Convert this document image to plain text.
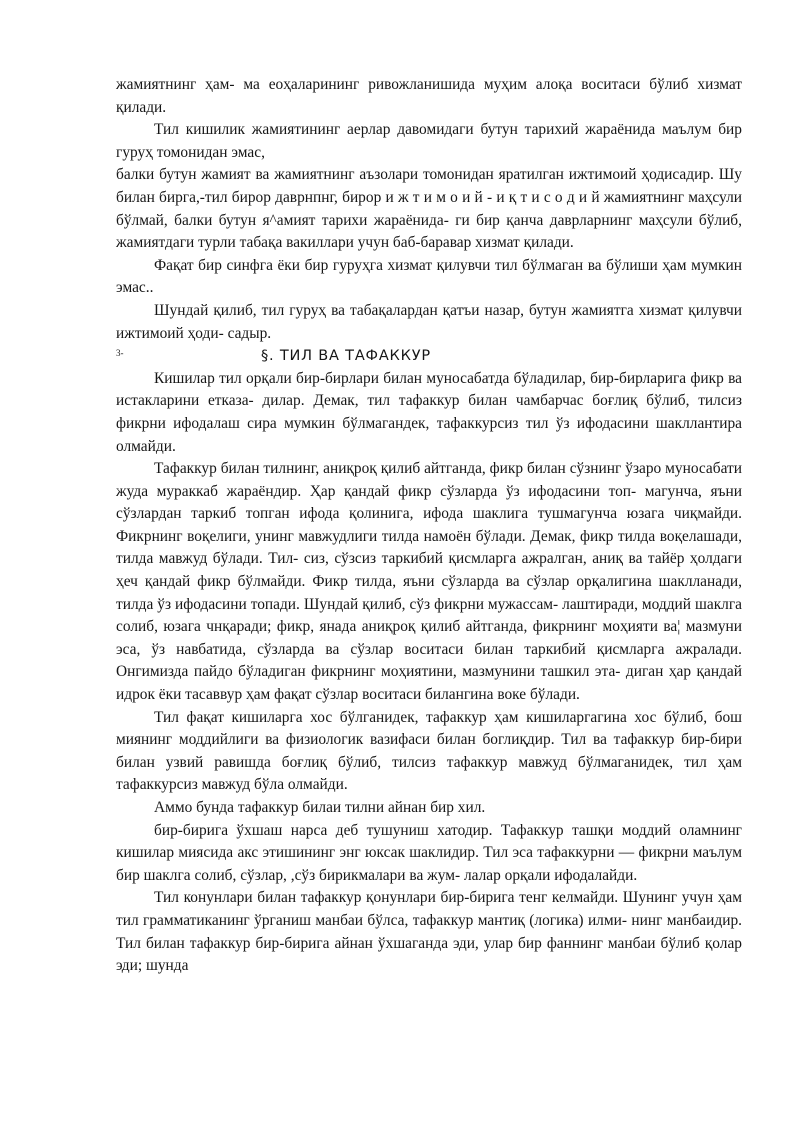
жамиятнинг ҳам- ма еоҳаларининг ривожланишида муҳим алоқа воситаси бўлиб хизмат қилади.

Тил кишилик жамиятининг аерлар давомидаги бутун тарихий жараёнида маълум бир гуруҳ томонидан эмас,

балки бутун жамият ва жамиятнинг аъзолари томонидан яратилган ижтимоий ҳодисадир. Шу билан бирга,-тил бирор даврнпнг, бирор и ж т и м о и й - и қ т и с о д и й жамиятнинг маҳсули бўлмай, балки бутун я^амият тарихи жараёнида- ги бир қанча даврларнинг маҳсули бўлиб, жамиятдаги турли табақа вакиллари учун баб-баравар хизмат қилади.

Фақат бир синфга ёки бир гуруҳга хизмат қилувчи тил бўлмаган ва бўлиши ҳам мумкин эмас..

Шундай қилиб, тил гуруҳ ва табақалардан қатъи назар, бутун жамиятга хизмат қилувчи ижтимоий ҳоди- садыр.

3-	§. ТИЛ ВА ТАФАККУР

Кишилар тил орқали бир-бирлари билан муносабатда бўладилар, бир-бирларига фикр ва истакларини етказа- дилар. Демак, тил тафаккур билан чамбарчас боғлиқ бўлиб, тилсиз фикрни ифодалаш сира мумкин бўлмагандек, тафаккурсиз тил ўз ифодасини шакллантира олмайди.

Тафаккур билан тилнинг, аниқроқ қилиб айтганда, фикр билан сўзнинг ўзаро муносабати жуда мураккаб жараёндир. Ҳар қандай фикр сўзларда ўз ифодасини топ- магунча, яъни сўзлардан таркиб топган ифода қолинига, ифода шаклига тушмагунча юзага чиқмайди. Фикрнинг воқелиги, унинг мавжудлиги тилда намоён бўлади. Демак, фикр тилда воқелашади, тилда мавжуд бўлади. Тил- сиз, сўзсиз таркибий қисмларга ажралган, аниқ ва тайёр ҳолдаги ҳеч қандай фикр бўлмайди. Фикр тилда, яъни сўзларда ва сўзлар орқалигина шаклланади, тилда ўз ифодасини топади. Шундай қилиб, сўз фикрни мужассам- лаштиради, моддий шаклга солиб, юзага чнқаради; фикр, янада аниқроқ қилиб айтганда, фикрнинг моҳияти ва¦ мазмуни эса, ўз навбатида, сўзларда ва сўзлар воситаси билан таркибий қисмларга ажралади. Онгимизда пайдо бўладиган фикрнинг моҳиятини, мазмунини ташкил эта- диган ҳар қандай идрок ёки тасаввур ҳам фақат сўзлар воситаси билангина воке бўлади.

Тил фақат кишиларга хос бўлганидек, тафаккур ҳам кишиларгагина хос бўлиб, бош миянинг моддийлиги ва физиологик вазифаси билан боглиқдир. Тил ва тафаккур бир-бири билан узвий равишда боғлиқ бўлиб, тилсиз тафаккур мавжуд бўлмаганидек, тил ҳам тафаккурсиз мавжуд бўла олмайди.

Аммо бунда тафаккур билаи тилни айнан бир хил.

бир-бирига ўхшаш нарса деб тушуниш хатодир. Тафаккур ташқи моддий оламнинг кишилар миясида акс этишининг энг юксак шаклидир. Тил эса тафаккурни — фикрни маълум бир шаклга солиб, сўзлар, ,сўз бирикмалари ва жум- лалар орқали ифодалайди.

Тил конунлари билан тафаккур қонунлари бир-бирига тенг келмайди. Шунинг учун ҳам тил грамматиканинг ўрганиш манбаи бўлса, тафаккур мантиқ (логика) илми- нинг манбаидир. Тил билан тафаккур бир-бирига айнан ўхшаганда эди, улар бир фаннинг манбаи бўлиб қолар эди; шунда
